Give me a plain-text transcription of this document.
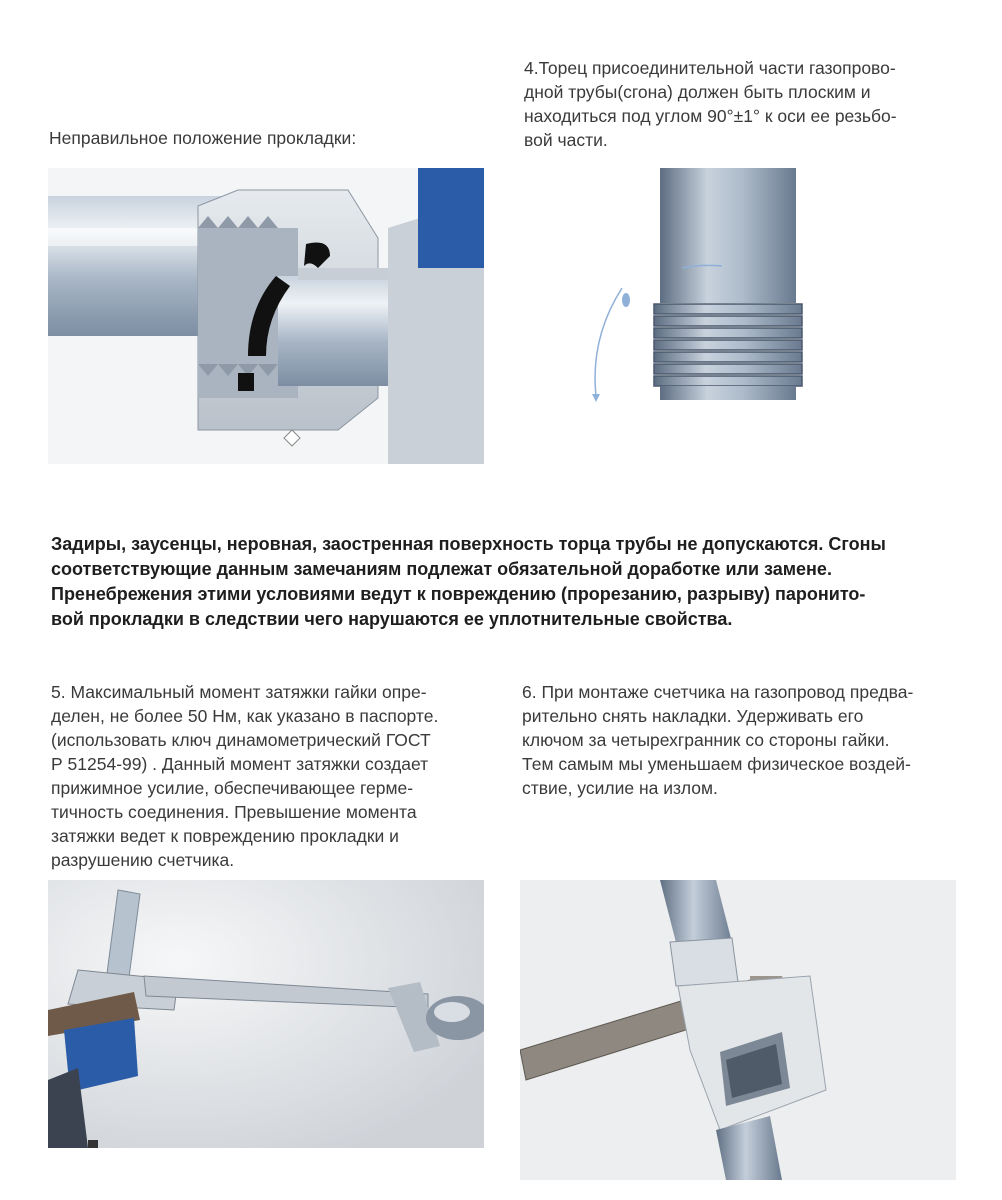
Неправильное положение прокладки:

4.Торец присоединительной части газопрово-
дной трубы(сгона) должен быть плоским и
находиться под углом 90°±1° к оси ее резьбо-
вой части.
Задиры, заусенцы, неровная, заостренная поверхность торца трубы не допускаются. Сгоны
соответствующие данным замечаниям подлежат обязательной доработке или замене.
Пренебрежения этими условиями ведут к повреждению (прорезанию, разрыву) паронито-
вой прокладки в следствии чего нарушаются ее уплотнительные свойства.
5. Максимальный момент затяжки гайки опре-
делен, не более 50 Нм, как указано в паспорте.
(использовать ключ динамометрический ГОСТ
Р 51254-99) . Данный момент затяжки создает
прижимное усилие, обеспечивающее герме-
тичность соединения. Превышение момента
затяжки ведет к повреждению прокладки и
разрушению счетчика.
6. При монтаже счетчика на газопровод предва-
рительно снять накладки. Удерживать его
ключом за четырехгранник со стороны гайки.
Тем самым мы уменьшаем физическое воздей-
ствие, усилие на излом.
